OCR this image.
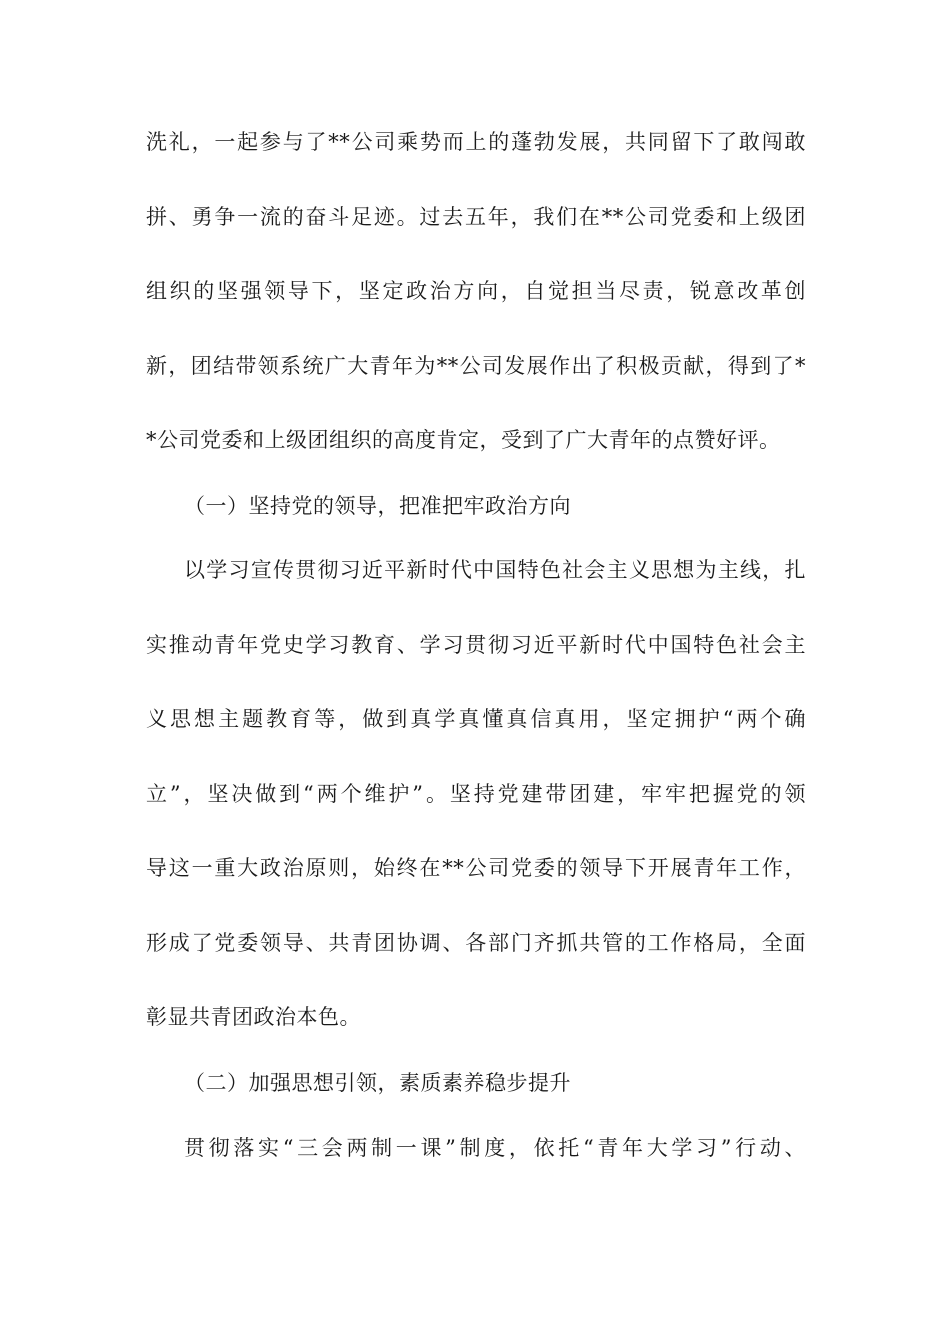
洗礼，一起参与了**公司乘势而上的蓬勃发展，共同留下了敢闯敢
拼、勇争一流的奋斗足迹。过去五年，我们在**公司党委和上级团
组织的坚强领导下，坚定政治方向，自觉担当尽责，锐意改革创
新，团结带领系统广大青年为**公司发展作出了积极贡献，得到了*
*公司党委和上级团组织的高度肯定，受到了广大青年的点赞好评。
（一）坚持党的领导，把准把牢政治方向
以学习宣传贯彻习近平新时代中国特色社会主义思想为主线，扎
实推动青年党史学习教育、学习贯彻习近平新时代中国特色社会主
义思想主题教育等，做到真学真懂真信真用，坚定拥护“两个确
立”，坚决做到“两个维护”。坚持党建带团建，牢牢把握党的领
导这一重大政治原则，始终在**公司党委的领导下开展青年工作，
形成了党委领导、共青团协调、各部门齐抓共管的工作格局，全面
彰显共青团政治本色。
（二）加强思想引领，素质素养稳步提升
贯彻落实“三会两制一课”制度，依托“青年大学习”行动、
